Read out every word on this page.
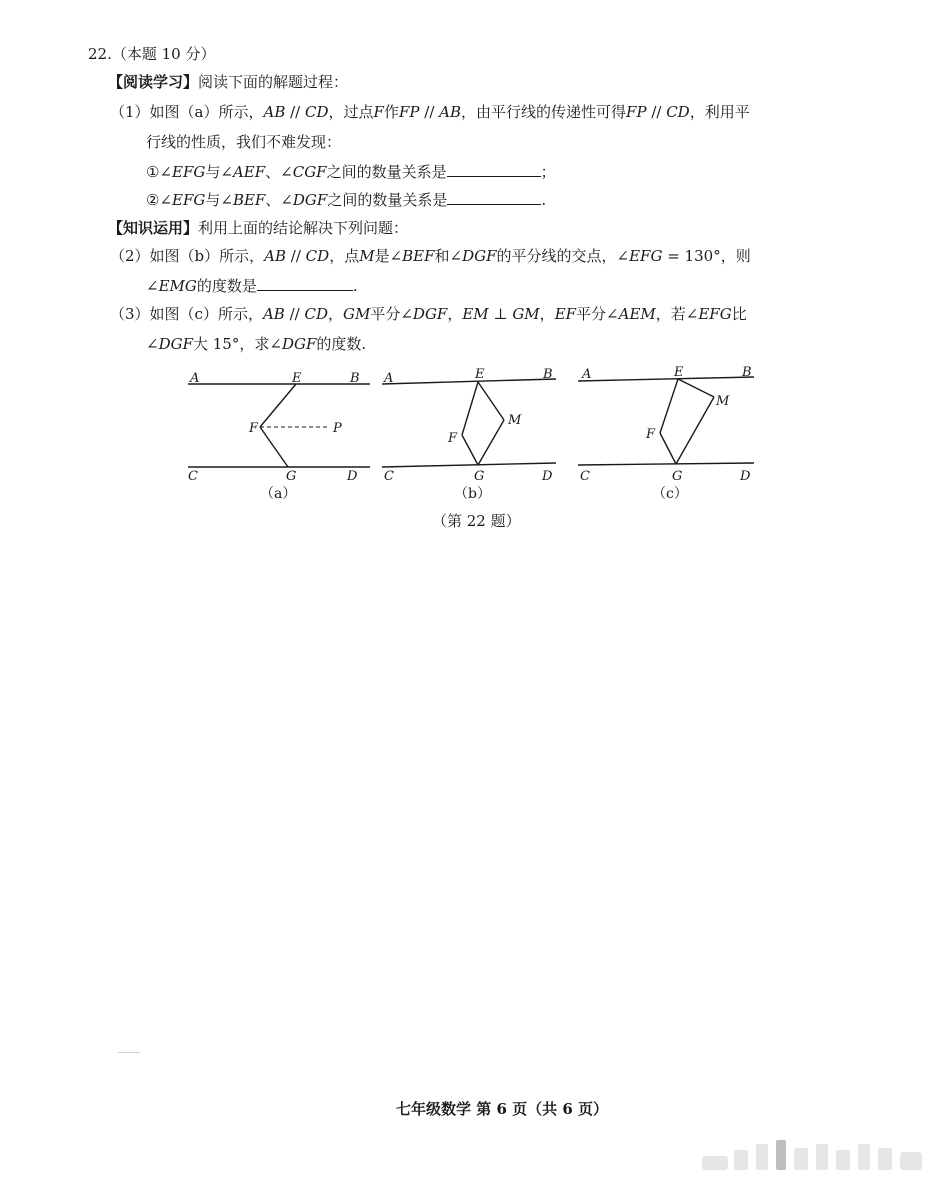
22.（本题 10 分）
【阅读学习】阅读下面的解题过程：
（1）如图（a）所示，AB // CD，过点F作FP // AB，由平行线的传递性可得FP // CD，利用平
行线的性质，我们不难发现：
①∠EFG与∠AEF、∠CGF之间的数量关系是	；
②∠EFG与∠BEF、∠DGF之间的数量关系是	.
【知识运用】利用上面的结论解决下列问题：
（2）如图（b）所示，AB // CD，点M是∠BEF和∠DGF的平分线的交点，∠EFG = 130°，则
∠EMG的度数是	.
（3）如图（c）所示，AB // CD，GM平分∠DGF，EM ⊥ GM，EF平分∠AEM，若∠EFG比
∠DGF大 15°，求∠DGF的度数.
A	E	B
F	P
C	G	D
（a）
A	E	B
F
M
C	G	D
（b）
A	E	B
F
M
C	G	D
（c）
（第 22 题）
七年级数学 第 6 页（共 6 页）
